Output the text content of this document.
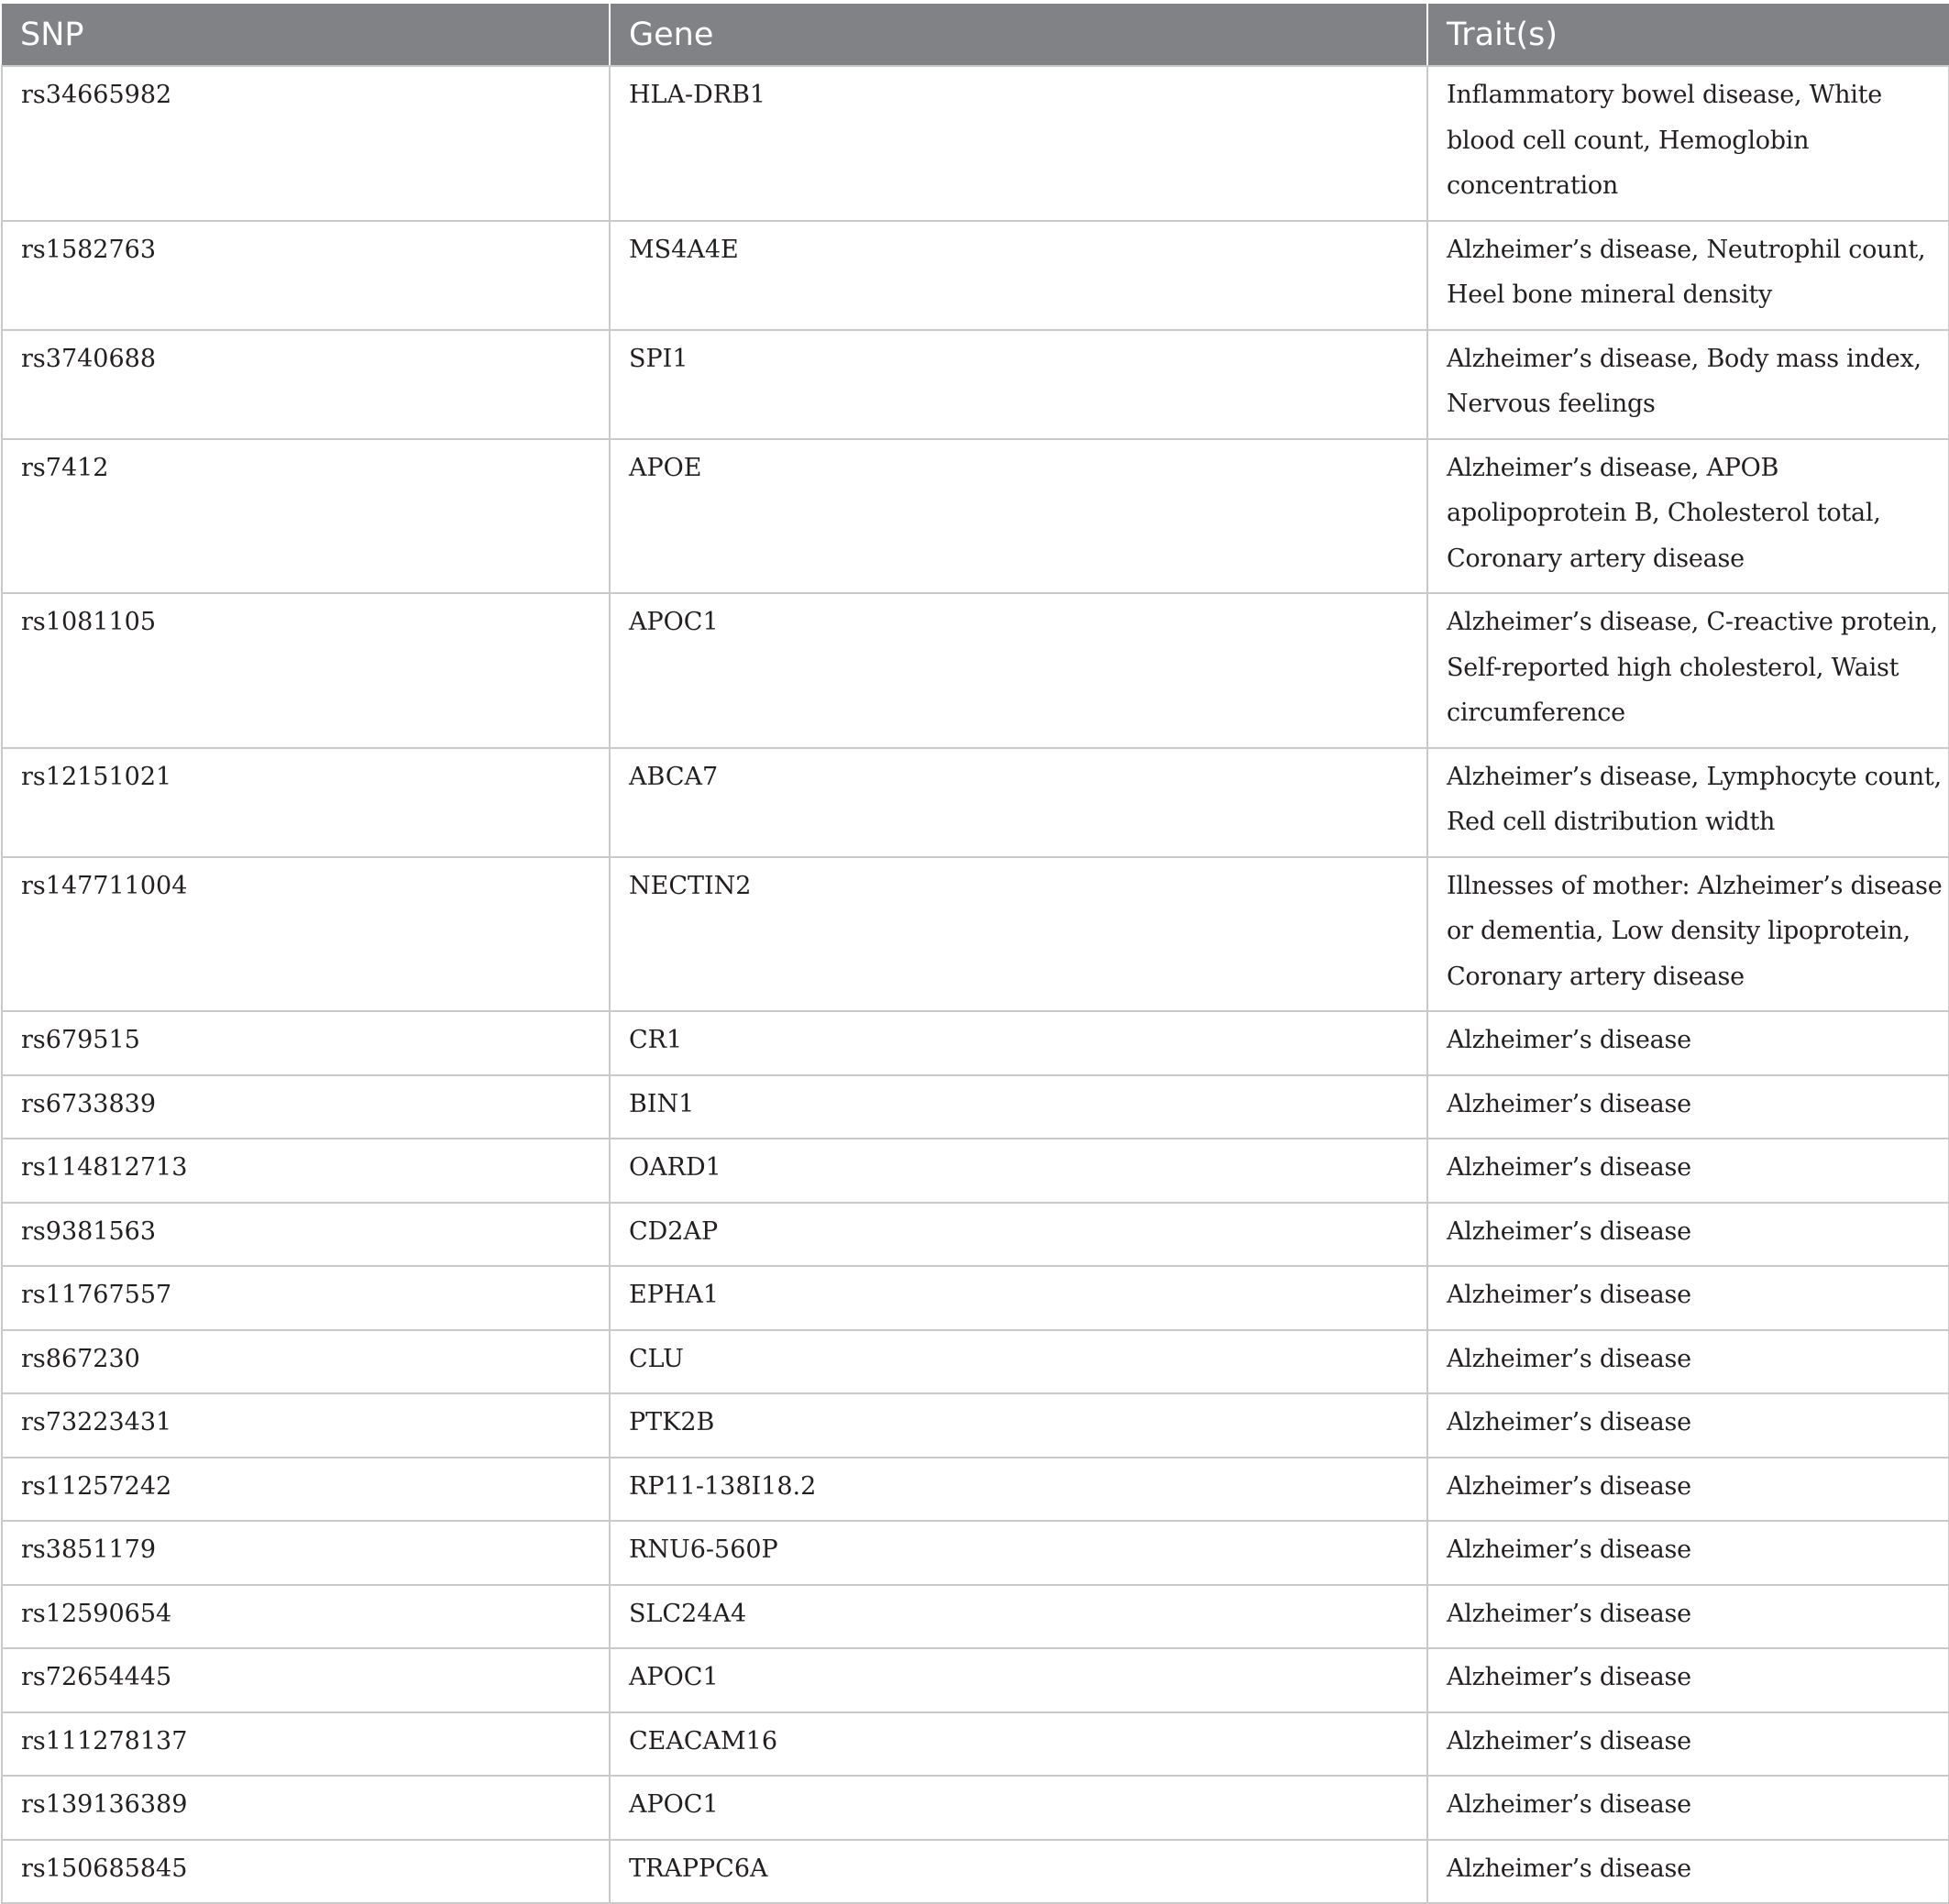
SNP	Gene	Trait(s)
rs34665982	HLA-DRB1	Inflammatory bowel disease, White blood cell count, Hemoglobin concentration
rs1582763	MS4A4E	Alzheimer’s disease, Neutrophil count, Heel bone mineral density
rs3740688	SPI1	Alzheimer’s disease, Body mass index, Nervous feelings
rs7412	APOE	Alzheimer’s disease, APOB apolipoprotein B, Cholesterol total, Coronary artery disease
rs1081105	APOC1	Alzheimer’s disease, C-reactive protein, Self-reported high cholesterol, Waist circumference
rs12151021	ABCA7	Alzheimer’s disease, Lymphocyte count, Red cell distribution width
rs147711004	NECTIN2	Illnesses of mother: Alzheimer’s disease or dementia, Low density lipoprotein, Coronary artery disease
rs679515	CR1	Alzheimer’s disease
rs6733839	BIN1	Alzheimer’s disease
rs114812713	OARD1	Alzheimer’s disease
rs9381563	CD2AP	Alzheimer’s disease
rs11767557	EPHA1	Alzheimer’s disease
rs867230	CLU	Alzheimer’s disease
rs73223431	PTK2B	Alzheimer’s disease
rs11257242	RP11-138I18.2	Alzheimer’s disease
rs3851179	RNU6-560P	Alzheimer’s disease
rs12590654	SLC24A4	Alzheimer’s disease
rs72654445	APOC1	Alzheimer’s disease
rs111278137	CEACAM16	Alzheimer’s disease
rs139136389	APOC1	Alzheimer’s disease
rs150685845	TRAPPC6A	Alzheimer’s disease
